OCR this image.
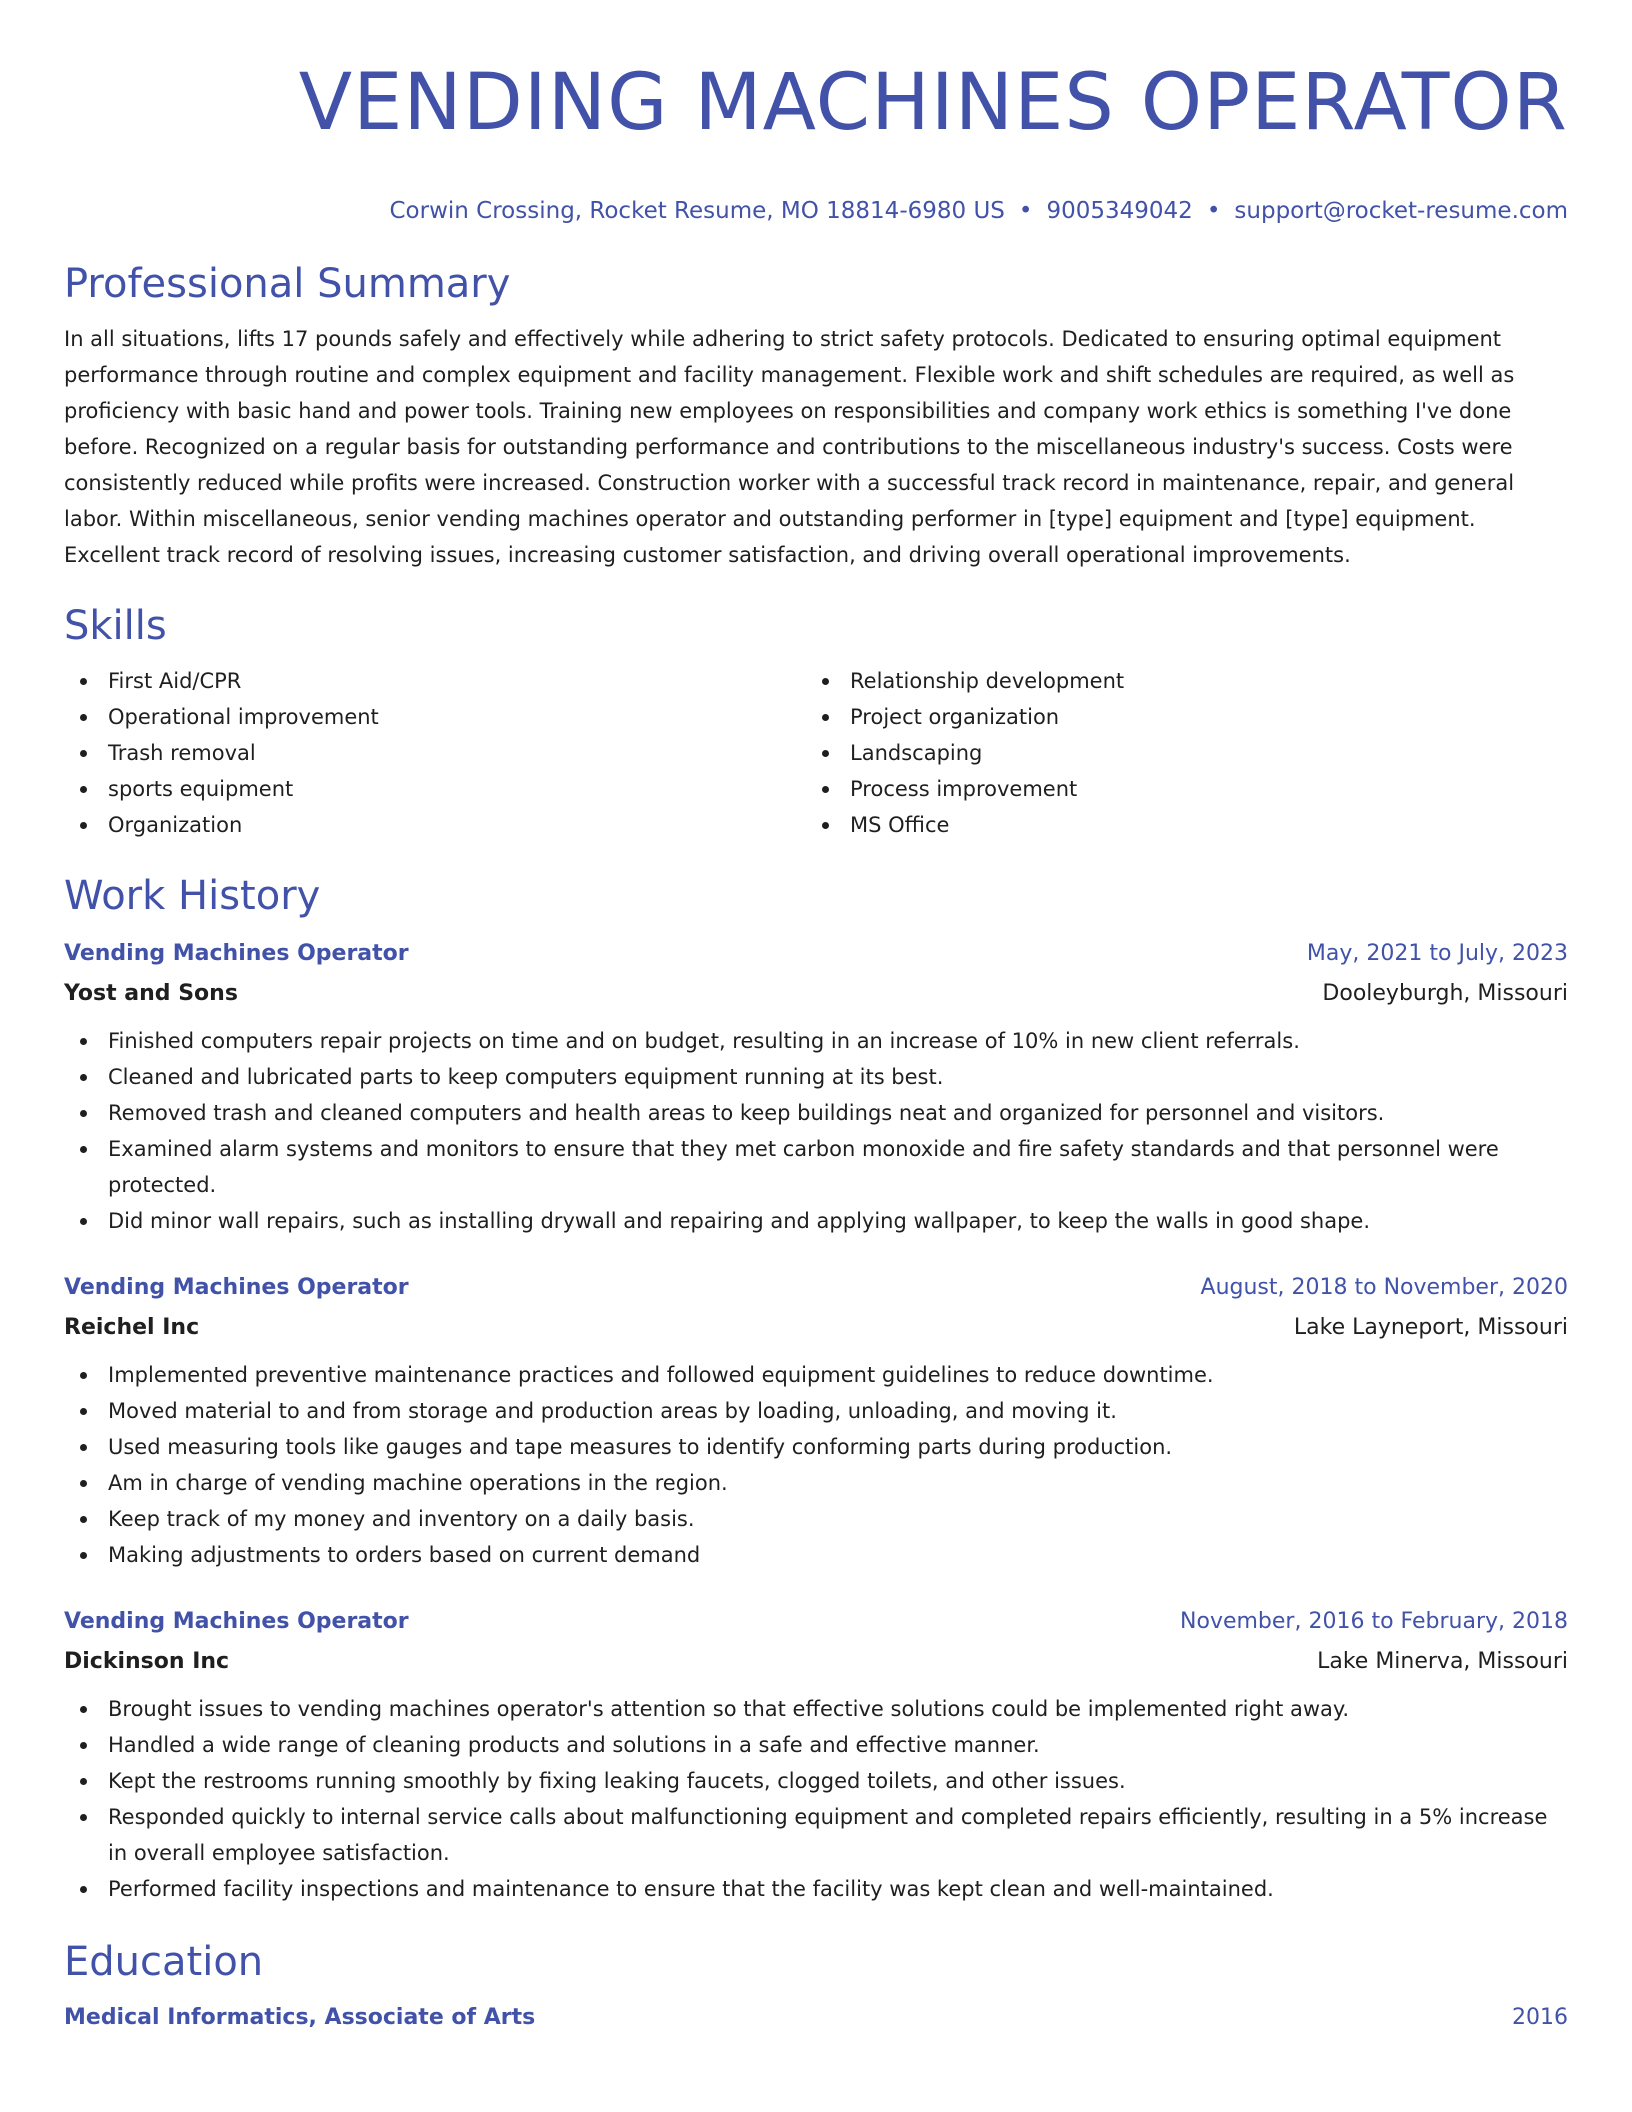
VENDING MACHINES OPERATOR
Corwin Crossing, Rocket Resume, MO 18814-6980 US • 9005349042 • support@rocket-resume.com
Professional Summary
In all situations, lifts 17 pounds safely and effectively while adhering to strict safety protocols. Dedicated to ensuring optimal equipment performance through routine and complex equipment and facility management. Flexible work and shift schedules are required, as well as proficiency with basic hand and power tools. Training new employees on responsibilities and company work ethics is something I've done before. Recognized on a regular basis for outstanding performance and contributions to the miscellaneous industry's success. Costs were consistently reduced while profits were increased. Construction worker with a successful track record in maintenance, repair, and general labor. Within miscellaneous, senior vending machines operator and outstanding performer in [type] equipment and [type] equipment. Excellent track record of resolving issues, increasing customer satisfaction, and driving overall operational improvements.
Skills
First Aid/CPR
Operational improvement
Trash removal
sports equipment
Organization
Relationship development
Project organization
Landscaping
Process improvement
MS Office
Work History
Vending Machines Operator	May, 2021 to July, 2023
Yost and Sons	Dooleyburgh, Missouri
Finished computers repair projects on time and on budget, resulting in an increase of 10% in new client referrals.
Cleaned and lubricated parts to keep computers equipment running at its best.
Removed trash and cleaned computers and health areas to keep buildings neat and organized for personnel and visitors.
Examined alarm systems and monitors to ensure that they met carbon monoxide and fire safety standards and that personnel were protected.
Did minor wall repairs, such as installing drywall and repairing and applying wallpaper, to keep the walls in good shape.
Vending Machines Operator	August, 2018 to November, 2020
Reichel Inc	Lake Layneport, Missouri
Implemented preventive maintenance practices and followed equipment guidelines to reduce downtime.
Moved material to and from storage and production areas by loading, unloading, and moving it.
Used measuring tools like gauges and tape measures to identify conforming parts during production.
Am in charge of vending machine operations in the region.
Keep track of my money and inventory on a daily basis.
Making adjustments to orders based on current demand
Vending Machines Operator	November, 2016 to February, 2018
Dickinson Inc	Lake Minerva, Missouri
Brought issues to vending machines operator's attention so that effective solutions could be implemented right away.
Handled a wide range of cleaning products and solutions in a safe and effective manner.
Kept the restrooms running smoothly by fixing leaking faucets, clogged toilets, and other issues.
Responded quickly to internal service calls about malfunctioning equipment and completed repairs efficiently, resulting in a 5% increase in overall employee satisfaction.
Performed facility inspections and maintenance to ensure that the facility was kept clean and well-maintained.
Education
Medical Informatics, Associate of Arts	2016
